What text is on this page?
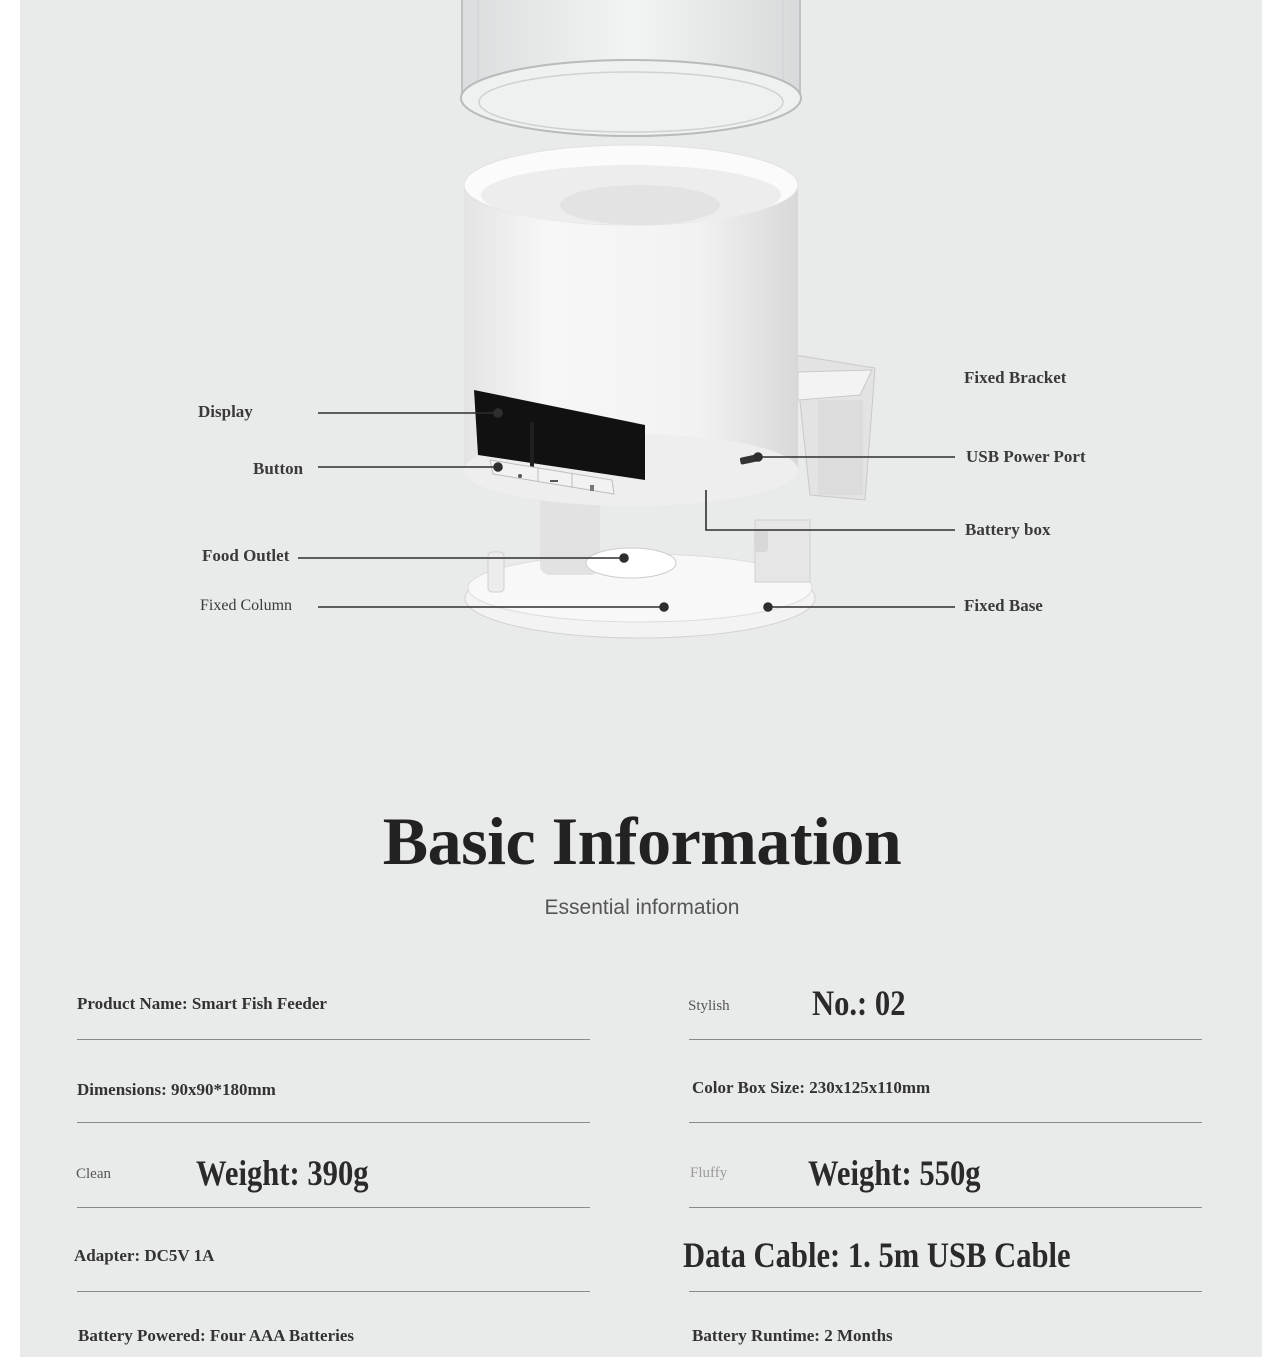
Display
Button
Food Outlet
Fixed Column
Fixed Bracket
USB Power Port
Battery box
Fixed Base
Basic Information
Essential information
Product Name: Smart Fish Feeder	Stylish No.: 02
Dimensions: 90x90*180mm	Color Box Size: 230x125x110mm
Clean Weight: 390g	Fluffy Weight: 550g
Adapter: DC5V 1A	Data Cable: 1. 5m USB Cable
Battery Powered: Four AAA Batteries	Battery Runtime: 2 Months
